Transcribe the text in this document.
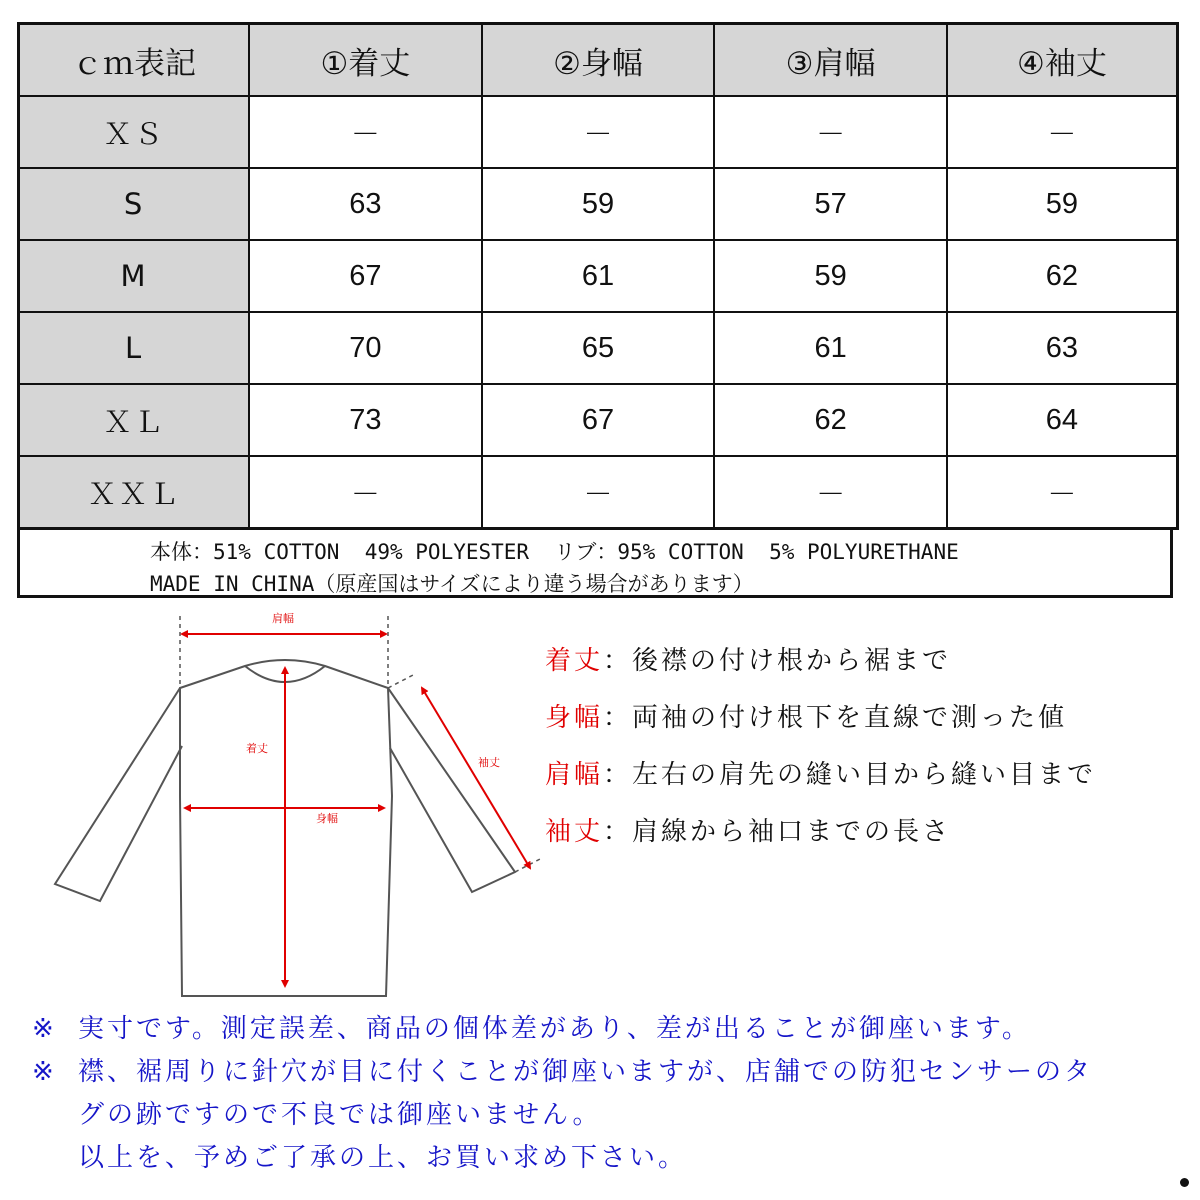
ｃｍ表記	①着丈	②身幅	③肩幅	④袖丈
ＸＳ	－	－	－	－
S	63	59	57	59
M	67	61	59	62
L	70	65	61	63
ＸＬ	73	67	62	64
ＸＸＬ	－	－	－	－
本体：51% COTTON  49% POLYESTER  リブ：95% COTTON  5% POLYURETHANE
MADE IN CHINA（原産国はサイズにより違う場合があります）
肩幅
着丈
身幅
袖丈
着丈：後襟の付け根から裾まで
身幅：両袖の付け根下を直線で測った値
肩幅：左右の肩先の縫い目から縫い目まで
袖丈：肩線から袖口までの長さ
※ 実寸です。測定誤差、商品の個体差があり、差が出ることが御座います。
※ 襟、裾周りに針穴が目に付くことが御座いますが、店舗での防犯センサーのタ
グの跡ですので不良では御座いません。
以上を、予めご了承の上、お買い求め下さい。
